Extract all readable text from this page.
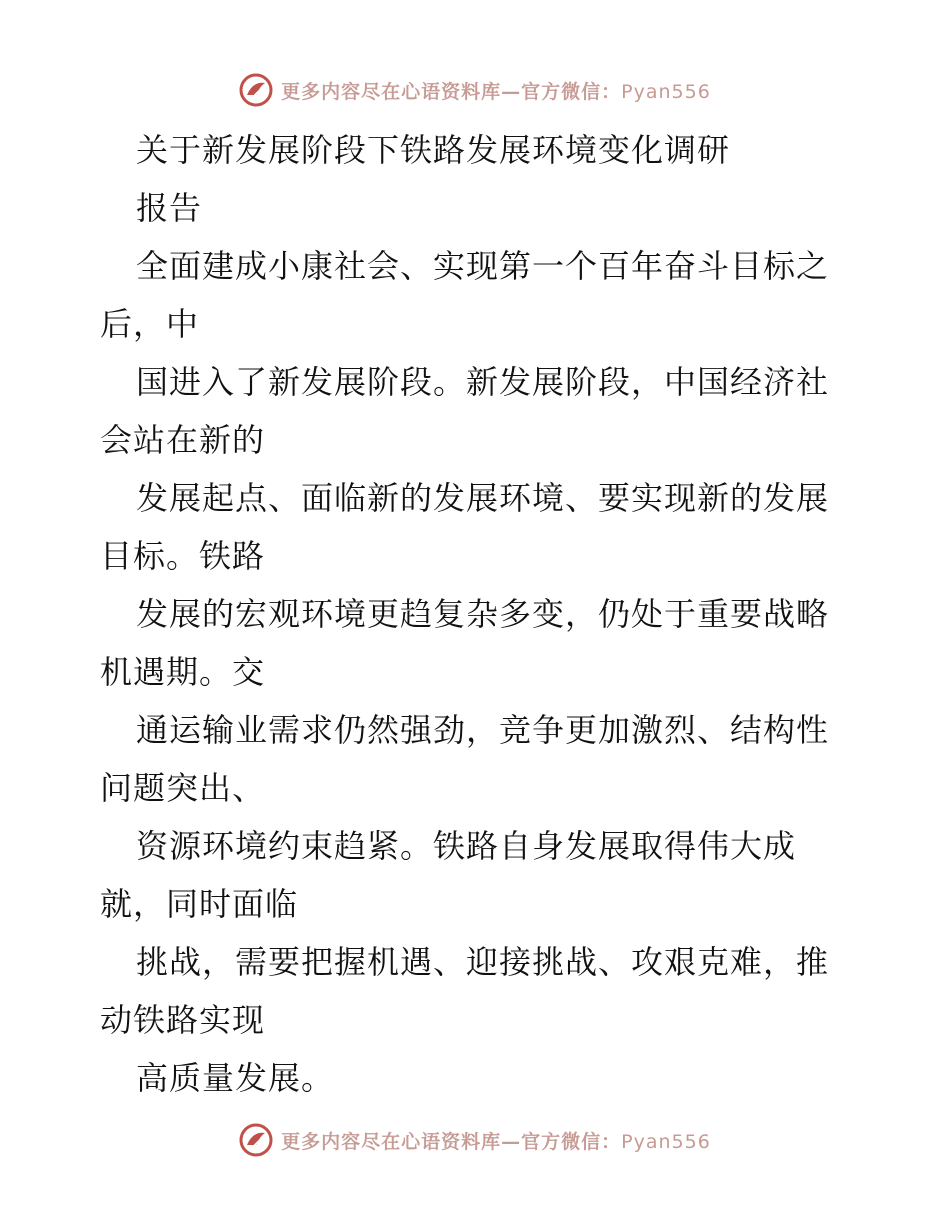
更多内容尽在心语资料库—官方微信：Pyan556
关于新发展阶段下铁路发展环境变化调研
报告
全面建成小康社会、实现第一个百年奋斗目标之
后，中
国进入了新发展阶段。新发展阶段，中国经济社
会站在新的
发展起点、面临新的发展环境、要实现新的发展
目标。铁路
发展的宏观环境更趋复杂多变，仍处于重要战略
机遇期。交
通运输业需求仍然强劲，竞争更加激烈、结构性
问题突出、
资源环境约束趋紧。铁路自身发展取得伟大成
就，同时面临
挑战，需要把握机遇、迎接挑战、攻艰克难，推
动铁路实现
高质量发展。
更多内容尽在心语资料库—官方微信：Pyan556
